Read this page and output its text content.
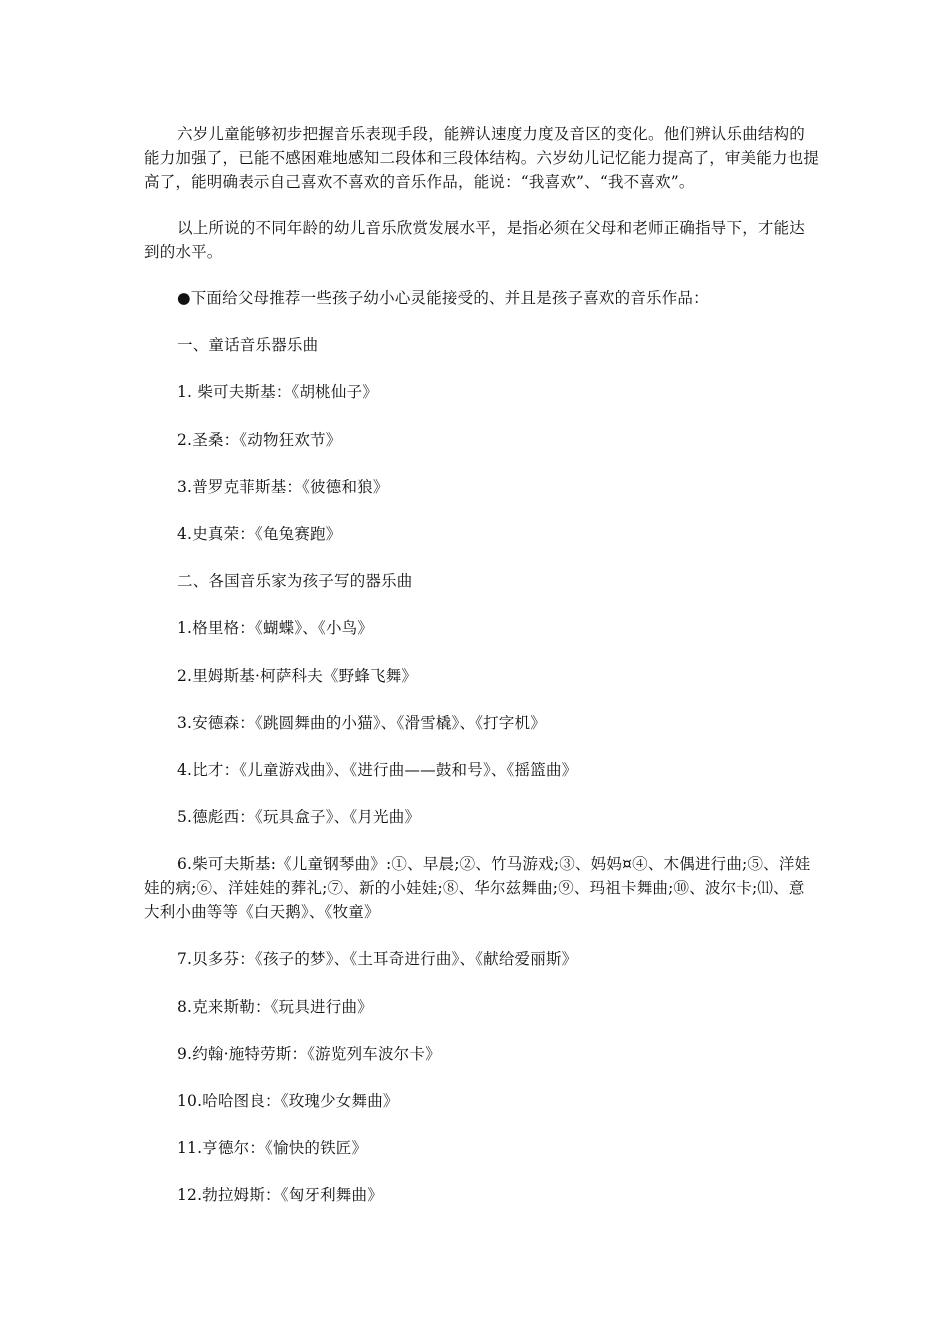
六岁儿童能够初步把握音乐表现手段，能辨认速度力度及音区的变化。他们辨认乐曲结构的能力加强了，已能不感困难地感知二段体和三段体结构。六岁幼儿记忆能力提高了，审美能力也提高了，能明确表示自己喜欢不喜欢的音乐作品，能说：“我喜欢”、“我不喜欢”。

以上所说的不同年龄的幼儿音乐欣赏发展水平，是指必须在父母和老师正确指导下，才能达到的水平。

●下面给父母推荐一些孩子幼小心灵能接受的、并且是孩子喜欢的音乐作品：

一、童话音乐器乐曲

1. 柴可夫斯基：《胡桃仙子》

2.圣桑：《动物狂欢节》

3.普罗克菲斯基：《彼德和狼》

4.史真荣：《龟兔赛跑》

二、各国音乐家为孩子写的器乐曲

1.格里格：《蝴蝶》、《小鸟》

2.里姆斯基·柯萨科夫《野蜂飞舞》

3.安德森：《跳圆舞曲的小猫》、《滑雪橇》、《打字机》

4.比才：《儿童游戏曲》、《进行曲——鼓和号》、《摇篮曲》

5.德彪西：《玩具盒子》、《月光曲》

6.柴可夫斯基:《儿童钢琴曲》:①、早晨;②、竹马游戏;③、妈妈¤④、木偶进行曲;⑤、洋娃娃的病;⑥、洋娃娃的葬礼;⑦、新的小娃娃;⑧、华尔兹舞曲;⑨、玛祖卡舞曲;⑩、波尔卡;⑾、意大利小曲等等《白天鹅》、《牧童》

7.贝多芬：《孩子的梦》、《土耳奇进行曲》、《献给爱丽斯》

8.克来斯勒：《玩具进行曲》

9.约翰·施特劳斯：《游览列车波尔卡》

10.哈哈图良：《玫瑰少女舞曲》

11.亨德尔：《愉快的铁匠》

12.勃拉姆斯：《匈牙利舞曲》
